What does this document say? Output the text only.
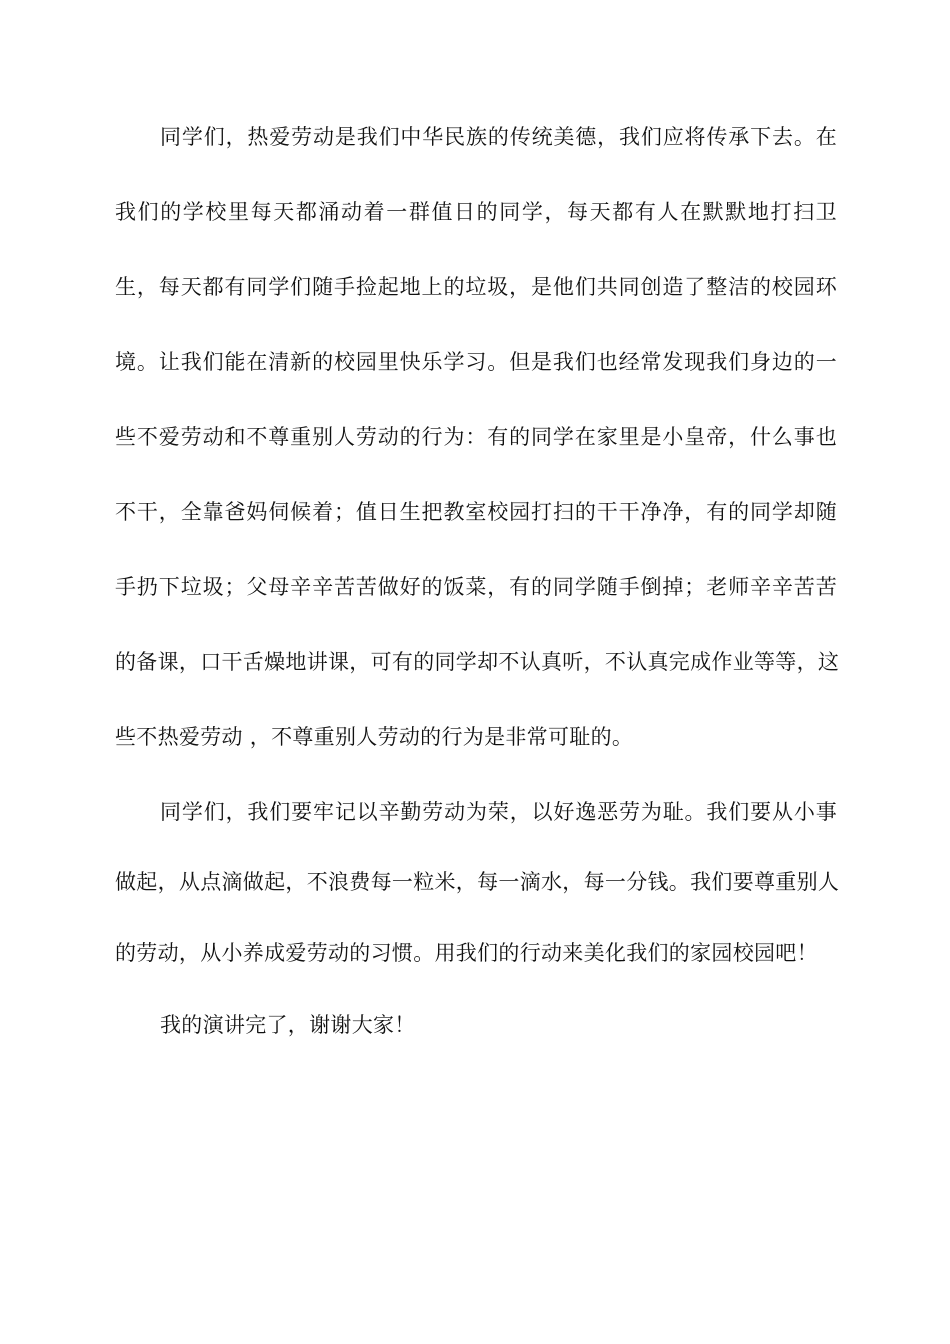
同学们，热爱劳动是我们中华民族的传统美德，我们应将传承下去。在
我们的学校里每天都涌动着一群值日的同学，每天都有人在默默地打扫卫
生，每天都有同学们随手捡起地上的垃圾，是他们共同创造了整洁的校园环
境。让我们能在清新的校园里快乐学习。但是我们也经常发现我们身边的一
些不爱劳动和不尊重别人劳动的行为：有的同学在家里是小皇帝，什么事也
不干，全靠爸妈伺候着；值日生把教室校园打扫的干干净净，有的同学却随
手扔下垃圾；父母辛辛苦苦做好的饭菜，有的同学随手倒掉；老师辛辛苦苦
的备课，口干舌燥地讲课，可有的同学却不认真听，不认真完成作业等等，这
些不热爱劳动 ，不尊重别人劳动的行为是非常可耻的。
同学们，我们要牢记以辛勤劳动为荣，以好逸恶劳为耻。我们要从小事
做起，从点滴做起，不浪费每一粒米，每一滴水，每一分钱。我们要尊重别人
的劳动，从小养成爱劳动的习惯。用我们的行动来美化我们的家园校园吧！
我的演讲完了，谢谢大家！
